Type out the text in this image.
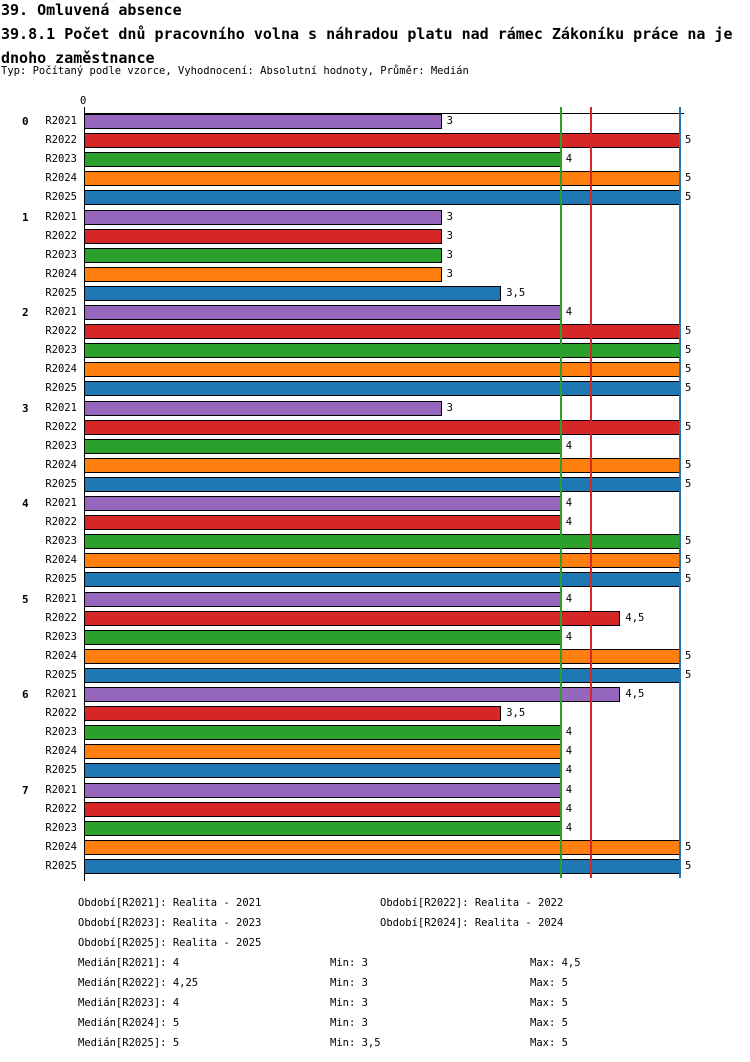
39. Omluvená absence
39.8.1 Počet dnů pracovního volna s náhradou platu nad rámec Zákoníku práce na je
dnoho zaměstnance
Typ: Počítaný podle vzorce, Vyhodnocení: Absolutní hodnoty, Průměr: Medián
0
0	R2021	3
R2022	5
R2023	4
R2024	5
R2025	5
1	R2021	3
R2022	3
R2023	3
R2024	3
R2025	3,5
2	R2021	4
R2022	5
R2023	5
R2024	5
R2025	5
3	R2021	3
R2022	5
R2023	4
R2024	5
R2025	5
4	R2021	4
R2022	4
R2023	5
R2024	5
R2025	5
5	R2021	4
R2022	4,5
R2023	4
R2024	5
R2025	5
6	R2021	4,5
R2022	3,5
R2023	4
R2024	4
R2025	4
7	R2021	4
R2022	4
R2023	4
R2024	5
R2025	5
Období[R2021]: Realita - 2021	Období[R2022]: Realita - 2022
Období[R2023]: Realita - 2023	Období[R2024]: Realita - 2024
Období[R2025]: Realita - 2025
Medián[R2021]: 4	Min: 3	Max: 4,5
Medián[R2022]: 4,25	Min: 3	Max: 5
Medián[R2023]: 4	Min: 3	Max: 5
Medián[R2024]: 5	Min: 3	Max: 5
Medián[R2025]: 5	Min: 3,5	Max: 5
